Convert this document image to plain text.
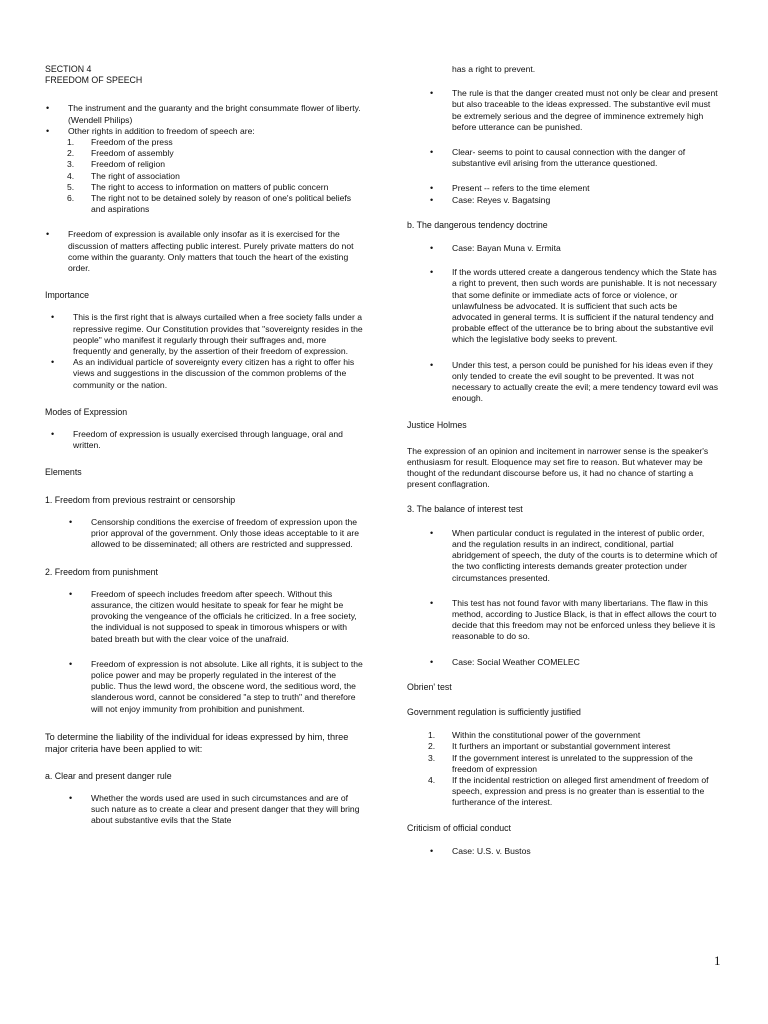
SECTION 4

FREEDOM OF SPEECH

• The instrument and the guaranty and the bright consummate flower of liberty. (Wendell Philips)
• Other rights in addition to freedom of speech are:
1. Freedom of the press
2. Freedom of assembly
3. Freedom of religion
4. The right of association
5. The right to access to information on matters of public concern
6. The right not to be detained solely by reason of one's political beliefs and aspirations
• Freedom of expression is available only insofar as it is exercised for the discussion of matters affecting public interest. Purely private matters do not come within the guaranty. Only matters that touch the heart of the existing order.

Importance

• This is the first right that is always curtailed when a free society falls under a repressive regime. Our Constitution provides that "sovereignty resides in the people" who manifest it regularly through their suffrages and, more frequently and generally, by the assertion of their freedom of expression.
• As an individual particle of sovereignty every citizen has a right to offer his views and suggestions in the discussion of the common problems of the community or the nation.

Modes of Expression

• Freedom of expression is usually exercised through language, oral and written.

Elements

1. Freedom from previous restraint or censorship

• Censorship conditions the exercise of freedom of expression upon the prior approval of the government. Only those ideas acceptable to it are allowed to be disseminated; all others are restricted and suppressed.

2. Freedom from punishment

• Freedom of speech includes freedom after speech. Without this assurance, the citizen would hesitate to speak for fear he might be provoking the vengeance of the officials he criticized. In a free society, the individual is not supposed to speak in timorous whispers or with bated breath but with the clear voice of the unafraid.
• Freedom of expression is not absolute. Like all rights, it is subject to the police power and may be properly regulated in the interest of the public. Thus the lewd word, the obscene word, the seditious word, the slanderous word, cannot be considered "a step to truth" and therefore will not enjoy immunity from prohibition and punishment.

To determine the liability of the individual for ideas expressed by him, three major criteria have been applied to wit:

a. Clear and present danger rule

• Whether the words used are used in such circumstances and are of such nature as to create a clear and present danger that they will bring about substantive evils that the State

has a right to prevent.

• The rule is that the danger created must not only be clear and present but also traceable to the ideas expressed. The substantive evil must be extremely serious and the degree of imminence extremely high before utterance can be punished.
• Clear- seems to point to causal connection with the danger of substantive evil arising from the utterance questioned.
• Present -- refers to the time element
• Case: Reyes v. Bagatsing

b. The dangerous tendency doctrine

• Case: Bayan Muna v. Ermita
• If the words uttered create a dangerous tendency which the State has a right to prevent, then such words are punishable. It is not necessary that some definite or immediate acts of force or violence, or unlawfulness be advocated. It is sufficient that such acts be advocated in general terms. It is sufficient if the natural tendency and probable effect of the utterance be to bring about the substantive evil which the legislative body seeks to prevent.
• Under this test, a person could be punished for his ideas even if they only tended to create the evil sought to be prevented. It was not necessary to actually create the evil; a mere tendency toward evil was enough.

Justice Holmes

The expression of an opinion and incitement in narrower sense is the speaker's enthusiasm for result. Eloquence may set fire to reason. But whatever may be thought of the redundant discourse before us, it had no chance of starting a present conflagration.

3. The balance of interest test

• When particular conduct is regulated in the interest of public order, and the regulation results in an indirect, conditional, partial abridgement of speech, the duty of the courts is to determine which of the two conflicting interests demands greater protection under circumstances presented.
• This test has not found favor with many libertarians. The flaw in this method, according to Justice Black, is that in effect allows the court to decide that this freedom may not be enforced unless they believe it is reasonable to do so.
• Case: Social Weather COMELEC

Obrien' test

Government regulation is sufficiently justified

1. Within the constitutional power of the government
2. It furthers an important or substantial government interest
3. If the government interest is unrelated to the suppression of the freedom of expression
4. If the incidental restriction on alleged first amendment of freedom of speech, expression and press is no greater than is essential to the furtherance of the interest.

Criticism of official conduct

• Case: U.S. v. Bustos
1
